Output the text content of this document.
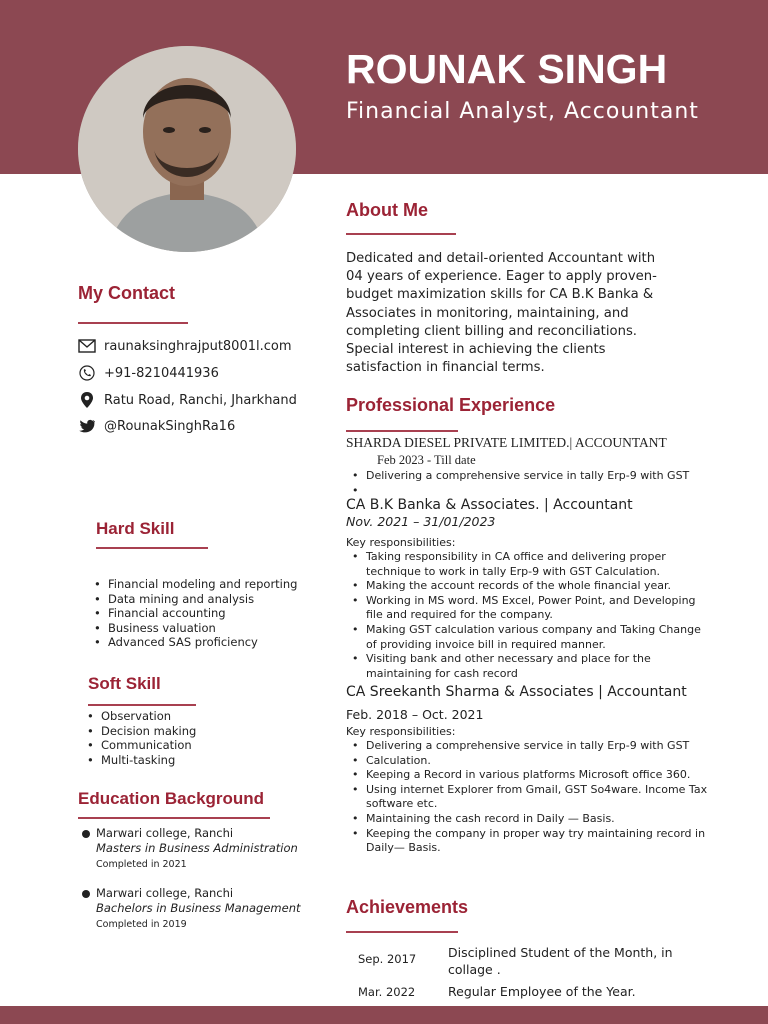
ROUNAK SINGH
Financial Analyst, Accountant
About Me
Dedicated and detail-oriented Accountant with
04 years of experience. Eager to apply proven-
budget maximization skills for CA B.K Banka &
Associates in monitoring, maintaining, and
completing client billing and reconciliations.
Special interest in achieving the clients
satisfaction in financial terms.
My Contact
raunaksinghrajput8001l.com
+91-8210441936
Ratu Road, Ranchi, Jharkhand
@RounakSinghRa16
Hard Skill
• Financial modeling and reporting
• Data mining and analysis
• Financial accounting
• Business valuation
• Advanced SAS proficiency
Soft Skill
• Observation
• Decision making
• Communication
• Multi-tasking
Education Background
Marwari college, Ranchi
Masters in Business Administration
Completed in 2021
Marwari college, Ranchi
Bachelors in Business Management
Completed in 2019
Professional Experience
SHARDA DIESEL PRIVATE LIMITED.| ACCOUNTANT
Feb 2023 - Till date
• Delivering a comprehensive service in tally Erp-9 with GST
•
CA B.K Banka & Associates. | Accountant
Nov. 2021 – 31/01/2023
Key responsibilities:
• Taking responsibility in CA office and delivering proper technique to work in tally Erp-9 with GST Calculation.
• Making the account records of the whole financial year.
• Working in MS word. MS Excel, Power Point, and Developing file and required for the company.
• Making GST calculation various company and Taking Change of providing invoice bill in required manner.
• Visiting bank and other necessary and place for the maintaining for cash record
CA Sreekanth Sharma & Associates | Accountant
Feb. 2018 – Oct. 2021
Key responsibilities:
• Delivering a comprehensive service in tally Erp-9 with GST
• Calculation.
• Keeping a Record in various platforms Microsoft office 360.
• Using internet Explorer from Gmail, GST So4ware. Income Tax software etc.
• Maintaining the cash record in Daily — Basis.
• Keeping the company in proper way try maintaining record in Daily— Basis.
Achievements
Sep. 2017	Disciplined Student of the Month, in
collage .
Mar. 2022	Regular Employee of the Year.
